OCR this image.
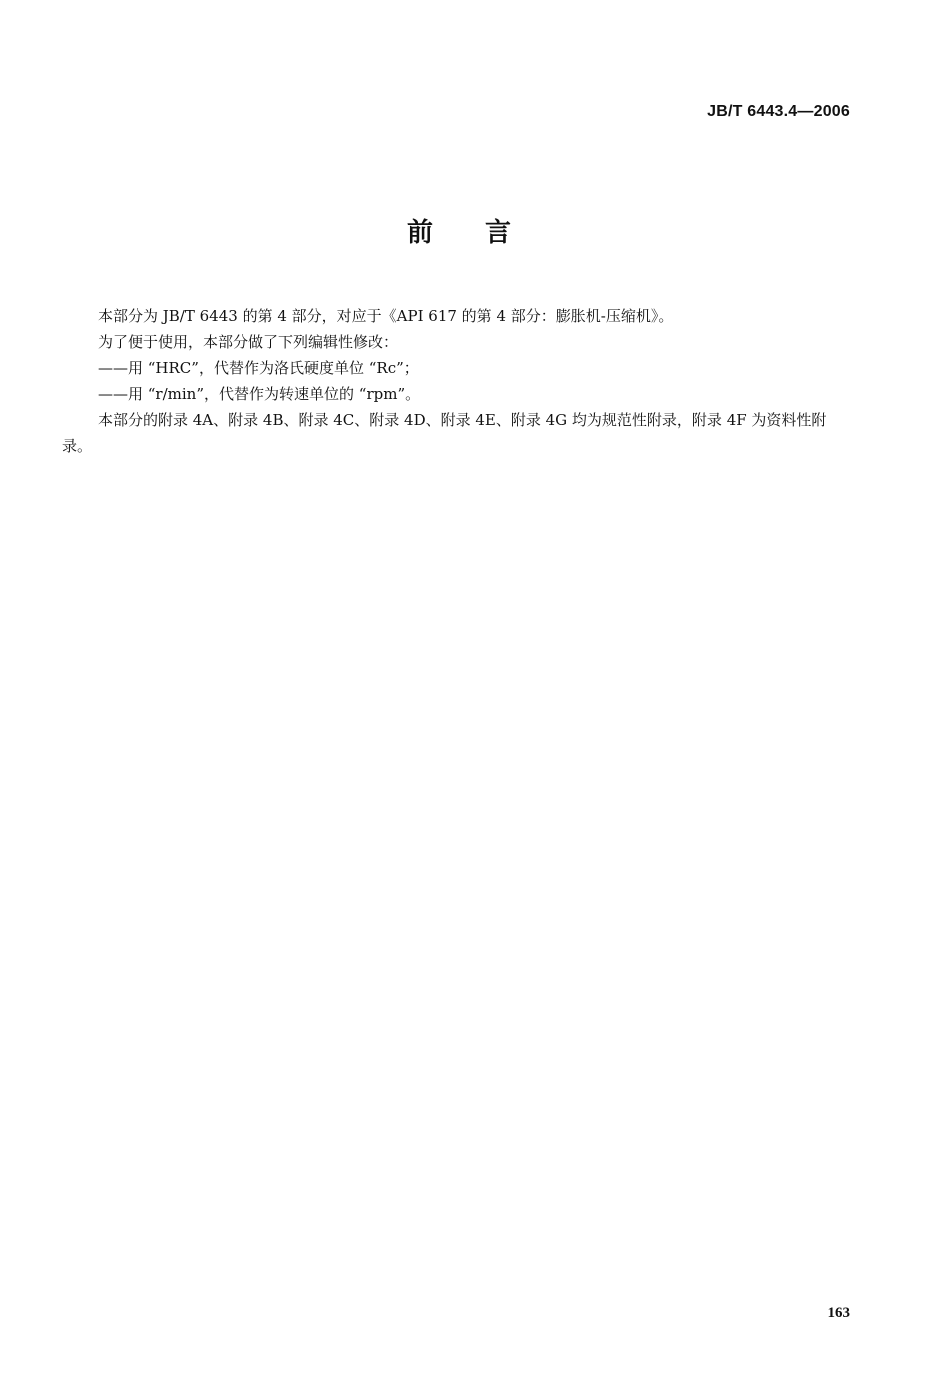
JB/T 6443.4—2006
前言

本部分为 JB/T 6443 的第 4 部分，对应于《API 617 的第 4 部分：膨胀机-压缩机》。

为了便于使用，本部分做了下列编辑性修改：

——用 “HRC”，代替作为洛氏硬度单位 “Rc”；

——用 “r/min”，代替作为转速单位的 “rpm”。

本部分的附录 4A、附录 4B、附录 4C、附录 4D、附录 4E、附录 4G 均为规范性附录，附录 4F 为资料性附录。

163
